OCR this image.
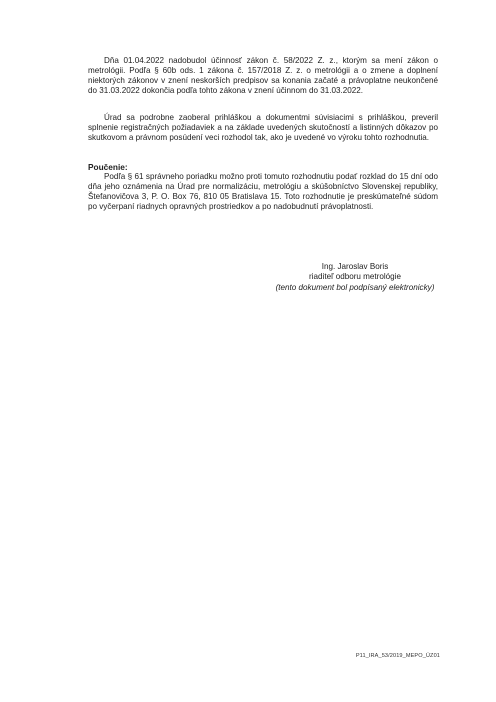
Dňa 01.04.2022 nadobudol účinnosť zákon č. 58/2022 Z. z., ktorým sa mení zákon o metrológii. Podľa § 60b ods. 1 zákona č. 157/2018 Z. z. o metrológii a o zmene a doplnení niektorých zákonov v znení neskorších predpisov sa konania začaté a právoplatne neukončené do 31.03.2022 dokončia podľa tohto zákona v znení účinnom do 31.03.2022.

Úrad sa podrobne zaoberal prihláškou a dokumentmi súvisiacimi s prihláškou, preveril splnenie registračných požiadaviek a na základe uvedených skutočností a listinných dôkazov po skutkovom a právnom posúdení veci rozhodol tak, ako je uvedené vo výroku tohto rozhodnutia.

Poučenie:

Podľa § 61 správneho poriadku možno proti tomuto rozhodnutiu podať rozklad do 15 dní odo dňa jeho oznámenia na Úrad pre normalizáciu, metrológiu a skúšobníctvo Slovenskej republiky, Štefanovičova 3, P. O. Box 76, 810 05 Bratislava 15. Toto rozhodnutie je preskúmateľné súdom po vyčerpaní riadnych opravných prostriedkov a po nadobudnutí právoplatnosti.

Ing. Jaroslav Boris
riaditeľ odboru metrológie
(tento dokument bol podpísaný elektronicky)
P11_IRA_53/2019_MEPO_ÚZ01
